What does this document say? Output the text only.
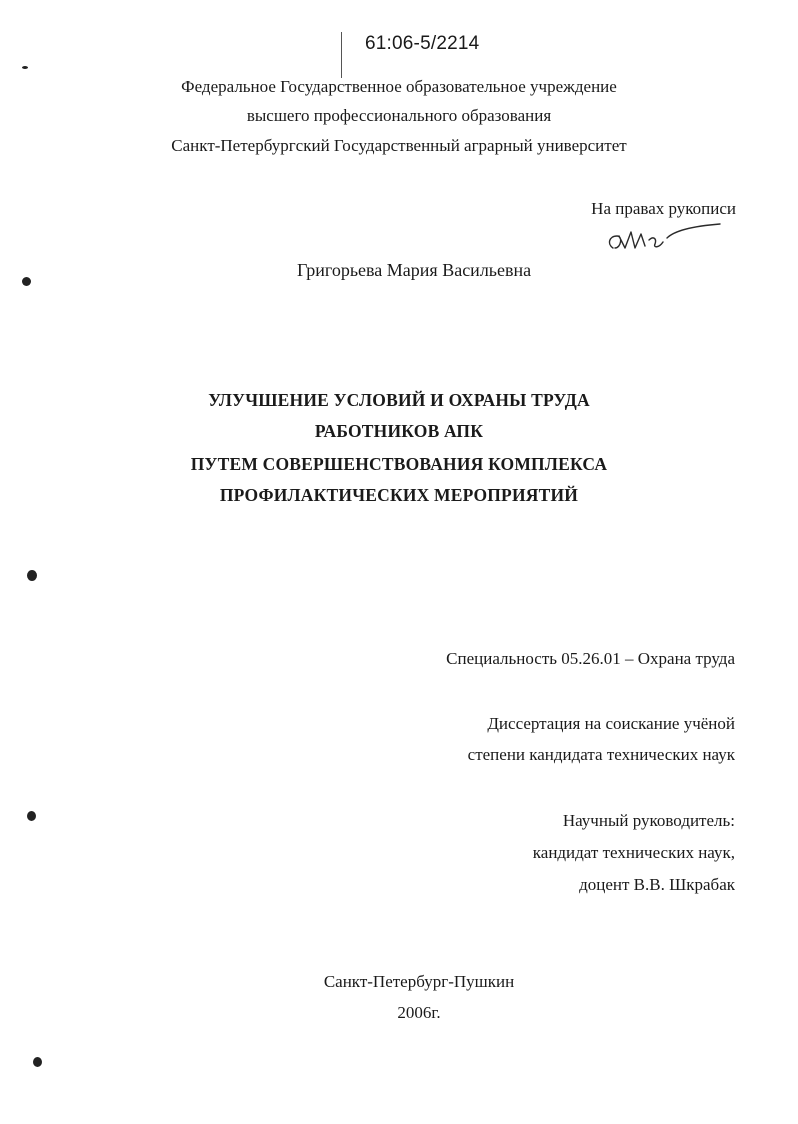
61:06-5/2214
Федеральное Государственное образовательное учреждение
высшего профессионального образования
Санкт-Петербургский Государственный аграрный университет
На правах рукописи
Григорьева Мария Васильевна
УЛУЧШЕНИЕ УСЛОВИЙ И ОХРАНЫ ТРУДА
РАБОТНИКОВ АПК
ПУТЕМ СОВЕРШЕНСТВОВАНИЯ КОМПЛЕКСА
ПРОФИЛАКТИЧЕСКИХ МЕРОПРИЯТИЙ
Специальность 05.26.01 – Охрана труда
Диссертация на соискание учёной
степени кандидата технических наук
Научный руководитель:
кандидат технических наук,
доцент В.В. Шкрабак
Санкт-Петербург-Пушкин
2006г.
